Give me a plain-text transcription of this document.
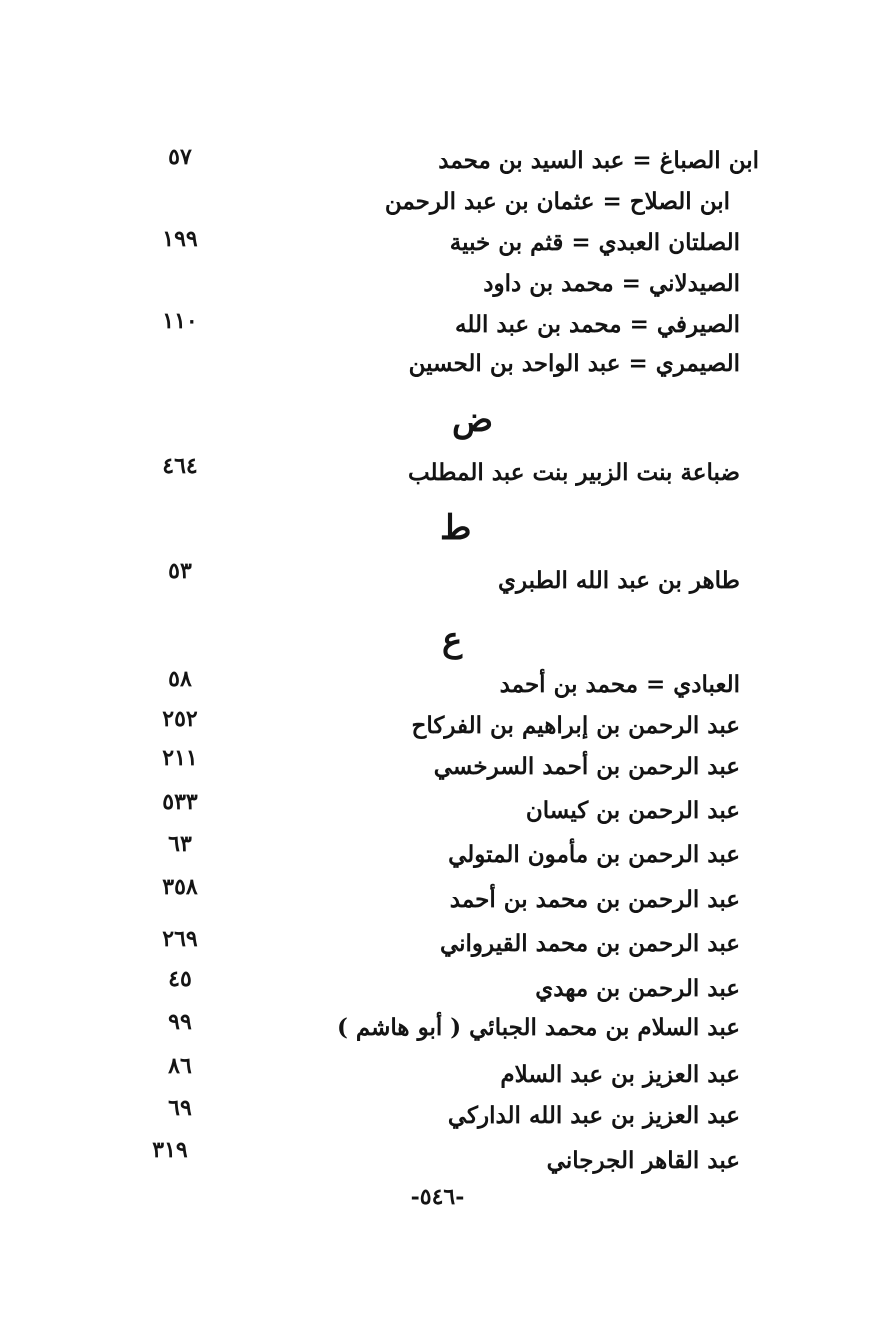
ابن الصباغ = عبد السيد بن محمد
٥٧
ابن الصلاح = عثمان بن عبد الرحمن
الصلتان العبدي = قثم بن خبية
١٩٩
الصيدلاني = محمد بن داود
الصيرفي = محمد بن عبد الله
١١٠
الصيمري = عبد الواحد بن الحسين
ض
ضباعة بنت الزبير بنت عبد المطلب
٤٦٤
ط
طاهر بن عبد الله الطبري
٥٣
ع
العبادي = محمد بن أحمد
٥٨
عبد الرحمن بن إبراهيم بن الفركاح
٢٥٢
عبد الرحمن بن أحمد السرخسي
٢١١
عبد الرحمن بن كيسان
٥٣٣
عبد الرحمن بن مأمون المتولي
٦٣
عبد الرحمن بن محمد بن أحمد
٣٥٨
عبد الرحمن بن محمد القيرواني
٢٦٩
عبد الرحمن بن مهدي
٤٥
عبد السلام بن محمد الجبائي ( أبو هاشم )
٩٩
عبد العزيز بن عبد السلام
٨٦
عبد العزيز بن عبد الله الداركي
٦٩
عبد القاهر الجرجاني
٣١٩
-٥٤٦-
